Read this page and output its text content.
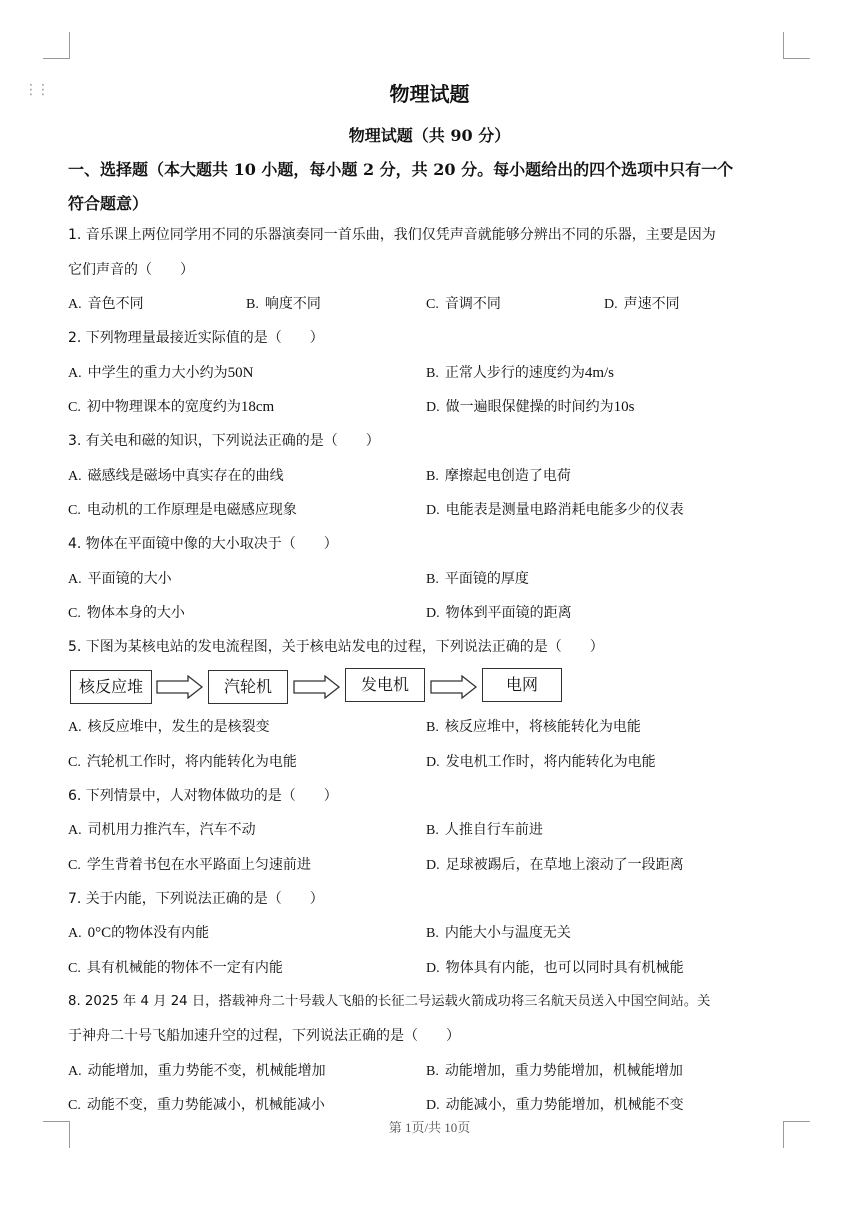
⋮⋮	物理试题
物理试题（共 90 分）
一、选择题（本大题共 10 小题，每小题 2 分，共 20 分。每小题给出的四个选项中只有一个
符合题意）
1. 音乐课上两位同学用不同的乐器演奏同一首乐曲，我们仅凭声音就能够分辨出不同的乐器，主要是因为
它们声音的（　　）
A. 音色不同	B. 响度不同	C. 音调不同	D. 声速不同
2. 下列物理量最接近实际值的是（　　）
A. 中学生的重力大小约为50N	B. 正常人步行的速度约为4m/s
C. 初中物理课本的宽度约为18cm	D. 做一遍眼保健操的时间约为10s
3. 有关电和磁的知识，下列说法正确的是（　　）
A. 磁感线是磁场中真实存在的曲线	B. 摩擦起电创造了电荷
C. 电动机的工作原理是电磁感应现象	D. 电能表是测量电路消耗电能多少的仪表
4. 物体在平面镜中像的大小取决于（　　）
A. 平面镜的大小	B. 平面镜的厚度
C. 物体本身的大小	D. 物体到平面镜的距离
5. 下图为某核电站的发电流程图，关于核电站发电的过程，下列说法正确的是（　　）
核反应堆	汽轮机	发电机	电网
A. 核反应堆中，发生的是核裂变	B. 核反应堆中，将核能转化为电能
C. 汽轮机工作时，将内能转化为电能	D. 发电机工作时，将内能转化为电能
6. 下列情景中，人对物体做功的是（　　）
A. 司机用力推汽车，汽车不动	B. 人推自行车前进
C. 学生背着书包在水平路面上匀速前进	D. 足球被踢后，在草地上滚动了一段距离
7. 关于内能，下列说法正确的是（　　）
A. 0°C的物体没有内能	B. 内能大小与温度无关
C. 具有机械能的物体不一定有内能	D. 物体具有内能，也可以同时具有机械能
8. 2025 年 4 月 24 日，搭载神舟二十号载人飞船的长征二号运载火箭成功将三名航天员送入中国空间站。关
于神舟二十号飞船加速升空的过程，下列说法正确的是（　　）
A. 动能增加，重力势能不变，机械能增加	B. 动能增加，重力势能增加，机械能增加
C. 动能不变，重力势能减小，机械能减小	D. 动能减小，重力势能增加，机械能不变
第 1页/共 10页
